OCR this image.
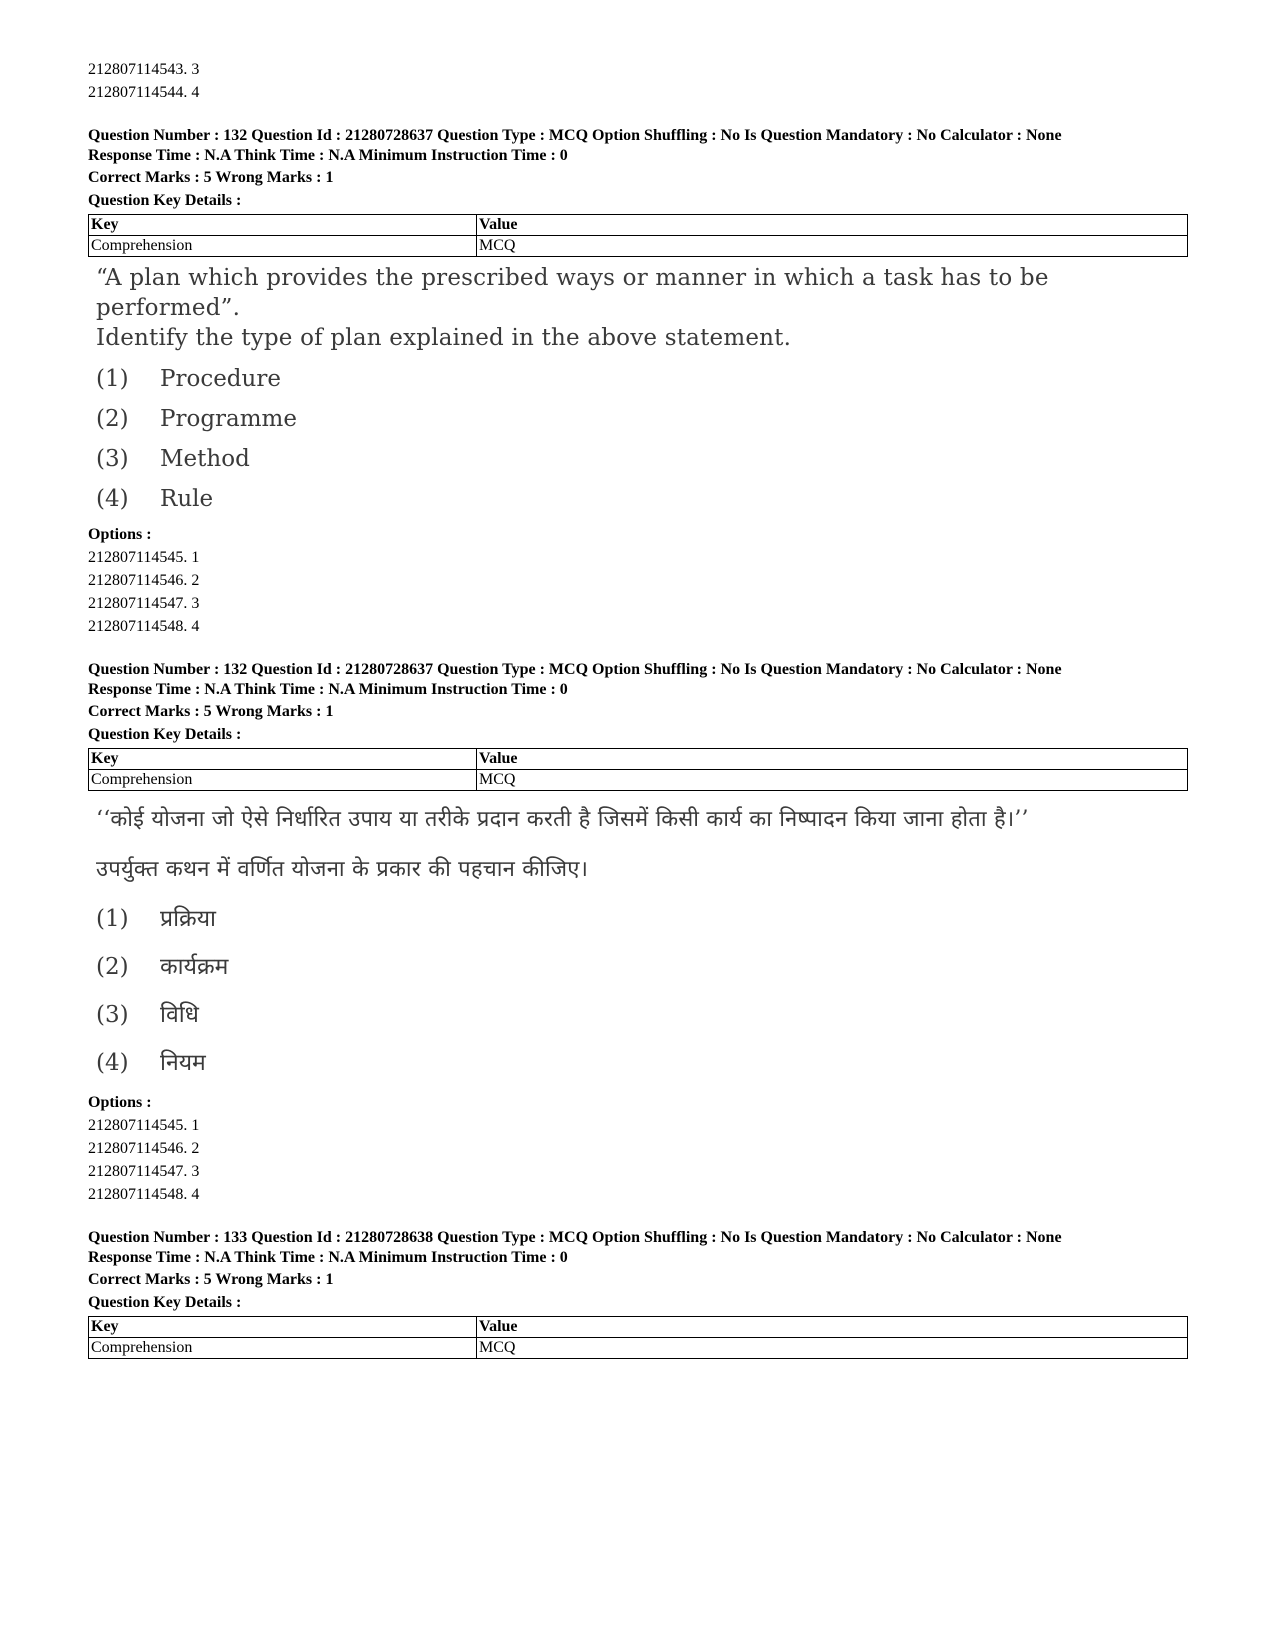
212807114543. 3
212807114544. 4
Question Number : 132 Question Id : 21280728637 Question Type : MCQ Option Shuffling : No Is Question Mandatory : No Calculator : None
Response Time : N.A Think Time : N.A Minimum Instruction Time : 0
Correct Marks : 5 Wrong Marks : 1
Question Key Details :
Key	Value
Comprehension	MCQ
“A plan which provides the prescribed ways or manner in which a task has to be performed”.
Identify the type of plan explained in the above statement.
(1)	Procedure
(2)	Programme
(3)	Method
(4)	Rule
Options :
212807114545. 1
212807114546. 2
212807114547. 3
212807114548. 4
Question Number : 132 Question Id : 21280728637 Question Type : MCQ Option Shuffling : No Is Question Mandatory : No Calculator : None
Response Time : N.A Think Time : N.A Minimum Instruction Time : 0
Correct Marks : 5 Wrong Marks : 1
Question Key Details :
Key	Value
Comprehension	MCQ
‘‘कोई योजना जो ऐसे निर्धारित उपाय या तरीके प्रदान करती है जिसमें किसी कार्य का निष्पादन किया जाना होता है।’’
उपर्युक्त कथन में वर्णित योजना के प्रकार की पहचान कीजिए।
(1)	प्रक्रिया
(2)	कार्यक्रम
(3)	विधि
(4)	नियम
Options :
212807114545. 1
212807114546. 2
212807114547. 3
212807114548. 4
Question Number : 133 Question Id : 21280728638 Question Type : MCQ Option Shuffling : No Is Question Mandatory : No Calculator : None
Response Time : N.A Think Time : N.A Minimum Instruction Time : 0
Correct Marks : 5 Wrong Marks : 1
Question Key Details :
Key	Value
Comprehension	MCQ
